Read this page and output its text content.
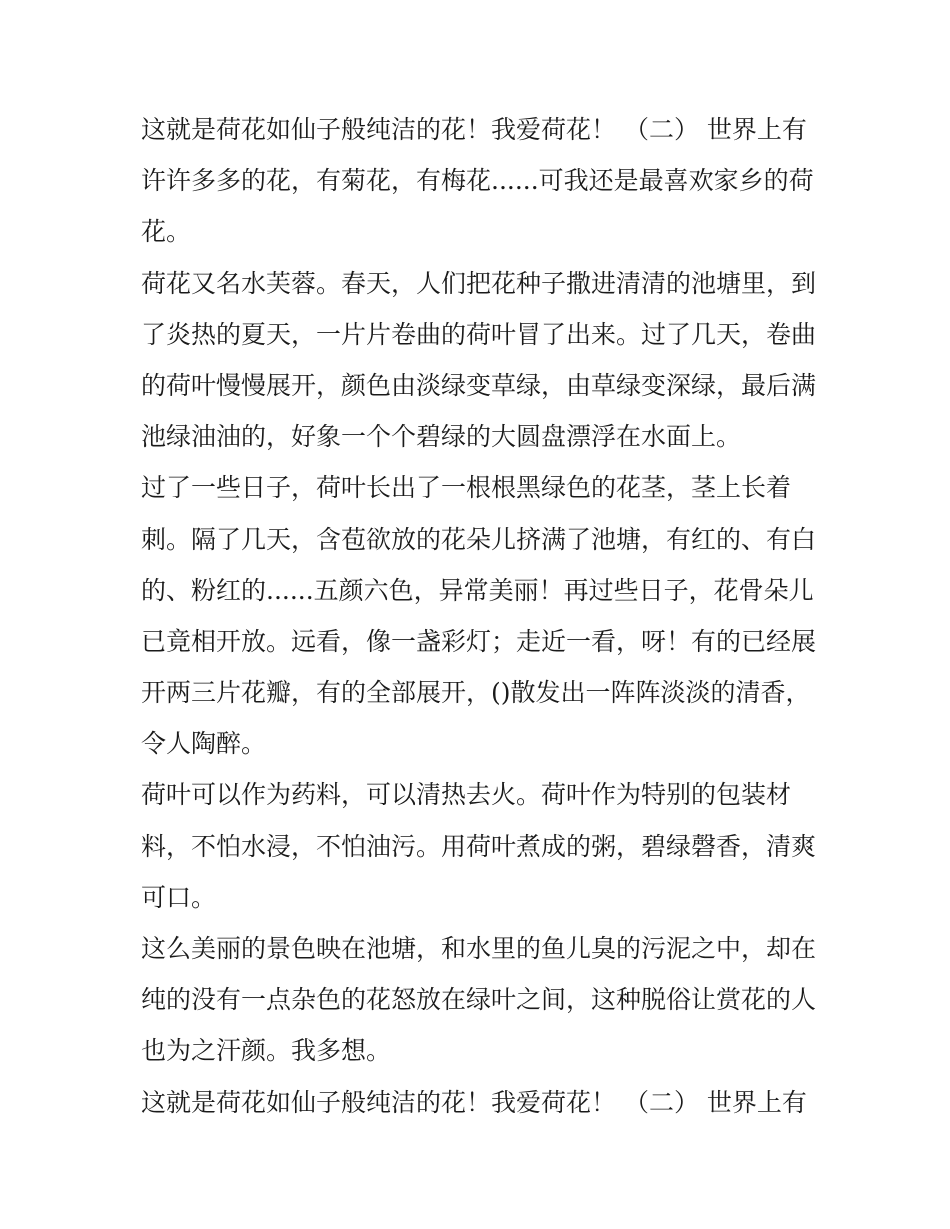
这就是荷花如仙子般纯洁的花！我爱荷花！ （二） 世界上有
许许多多的花，有菊花，有梅花......可我还是最喜欢家乡的荷
花。
荷花又名水芙蓉。春天，人们把花种子撒进清清的池塘里，到
了炎热的夏天，一片片卷曲的荷叶冒了出来。过了几天，卷曲
的荷叶慢慢展开，颜色由淡绿变草绿，由草绿变深绿，最后满
池绿油油的，好象一个个碧绿的大圆盘漂浮在水面上。
过了一些日子，荷叶长出了一根根黑绿色的花茎，茎上长着
刺。隔了几天，含苞欲放的花朵儿挤满了池塘，有红的、有白
的、粉红的......五颜六色，异常美丽！再过些日子，花骨朵儿
已竟相开放。远看，像一盏彩灯；走近一看，呀！有的已经展
开两三片花瓣，有的全部展开，()散发出一阵阵淡淡的清香，
令人陶醉。
荷叶可以作为药料，可以清热去火。荷叶作为特别的包装材
料，不怕水浸，不怕油污。用荷叶煮成的粥，碧绿磬香，清爽
可口。
这么美丽的景色映在池塘，和水里的鱼儿臭的污泥之中，却在
纯的没有一点杂色的花怒放在绿叶之间，这种脱俗让赏花的人
也为之汗颜。我多想。
这就是荷花如仙子般纯洁的花！我爱荷花！ （二） 世界上有
